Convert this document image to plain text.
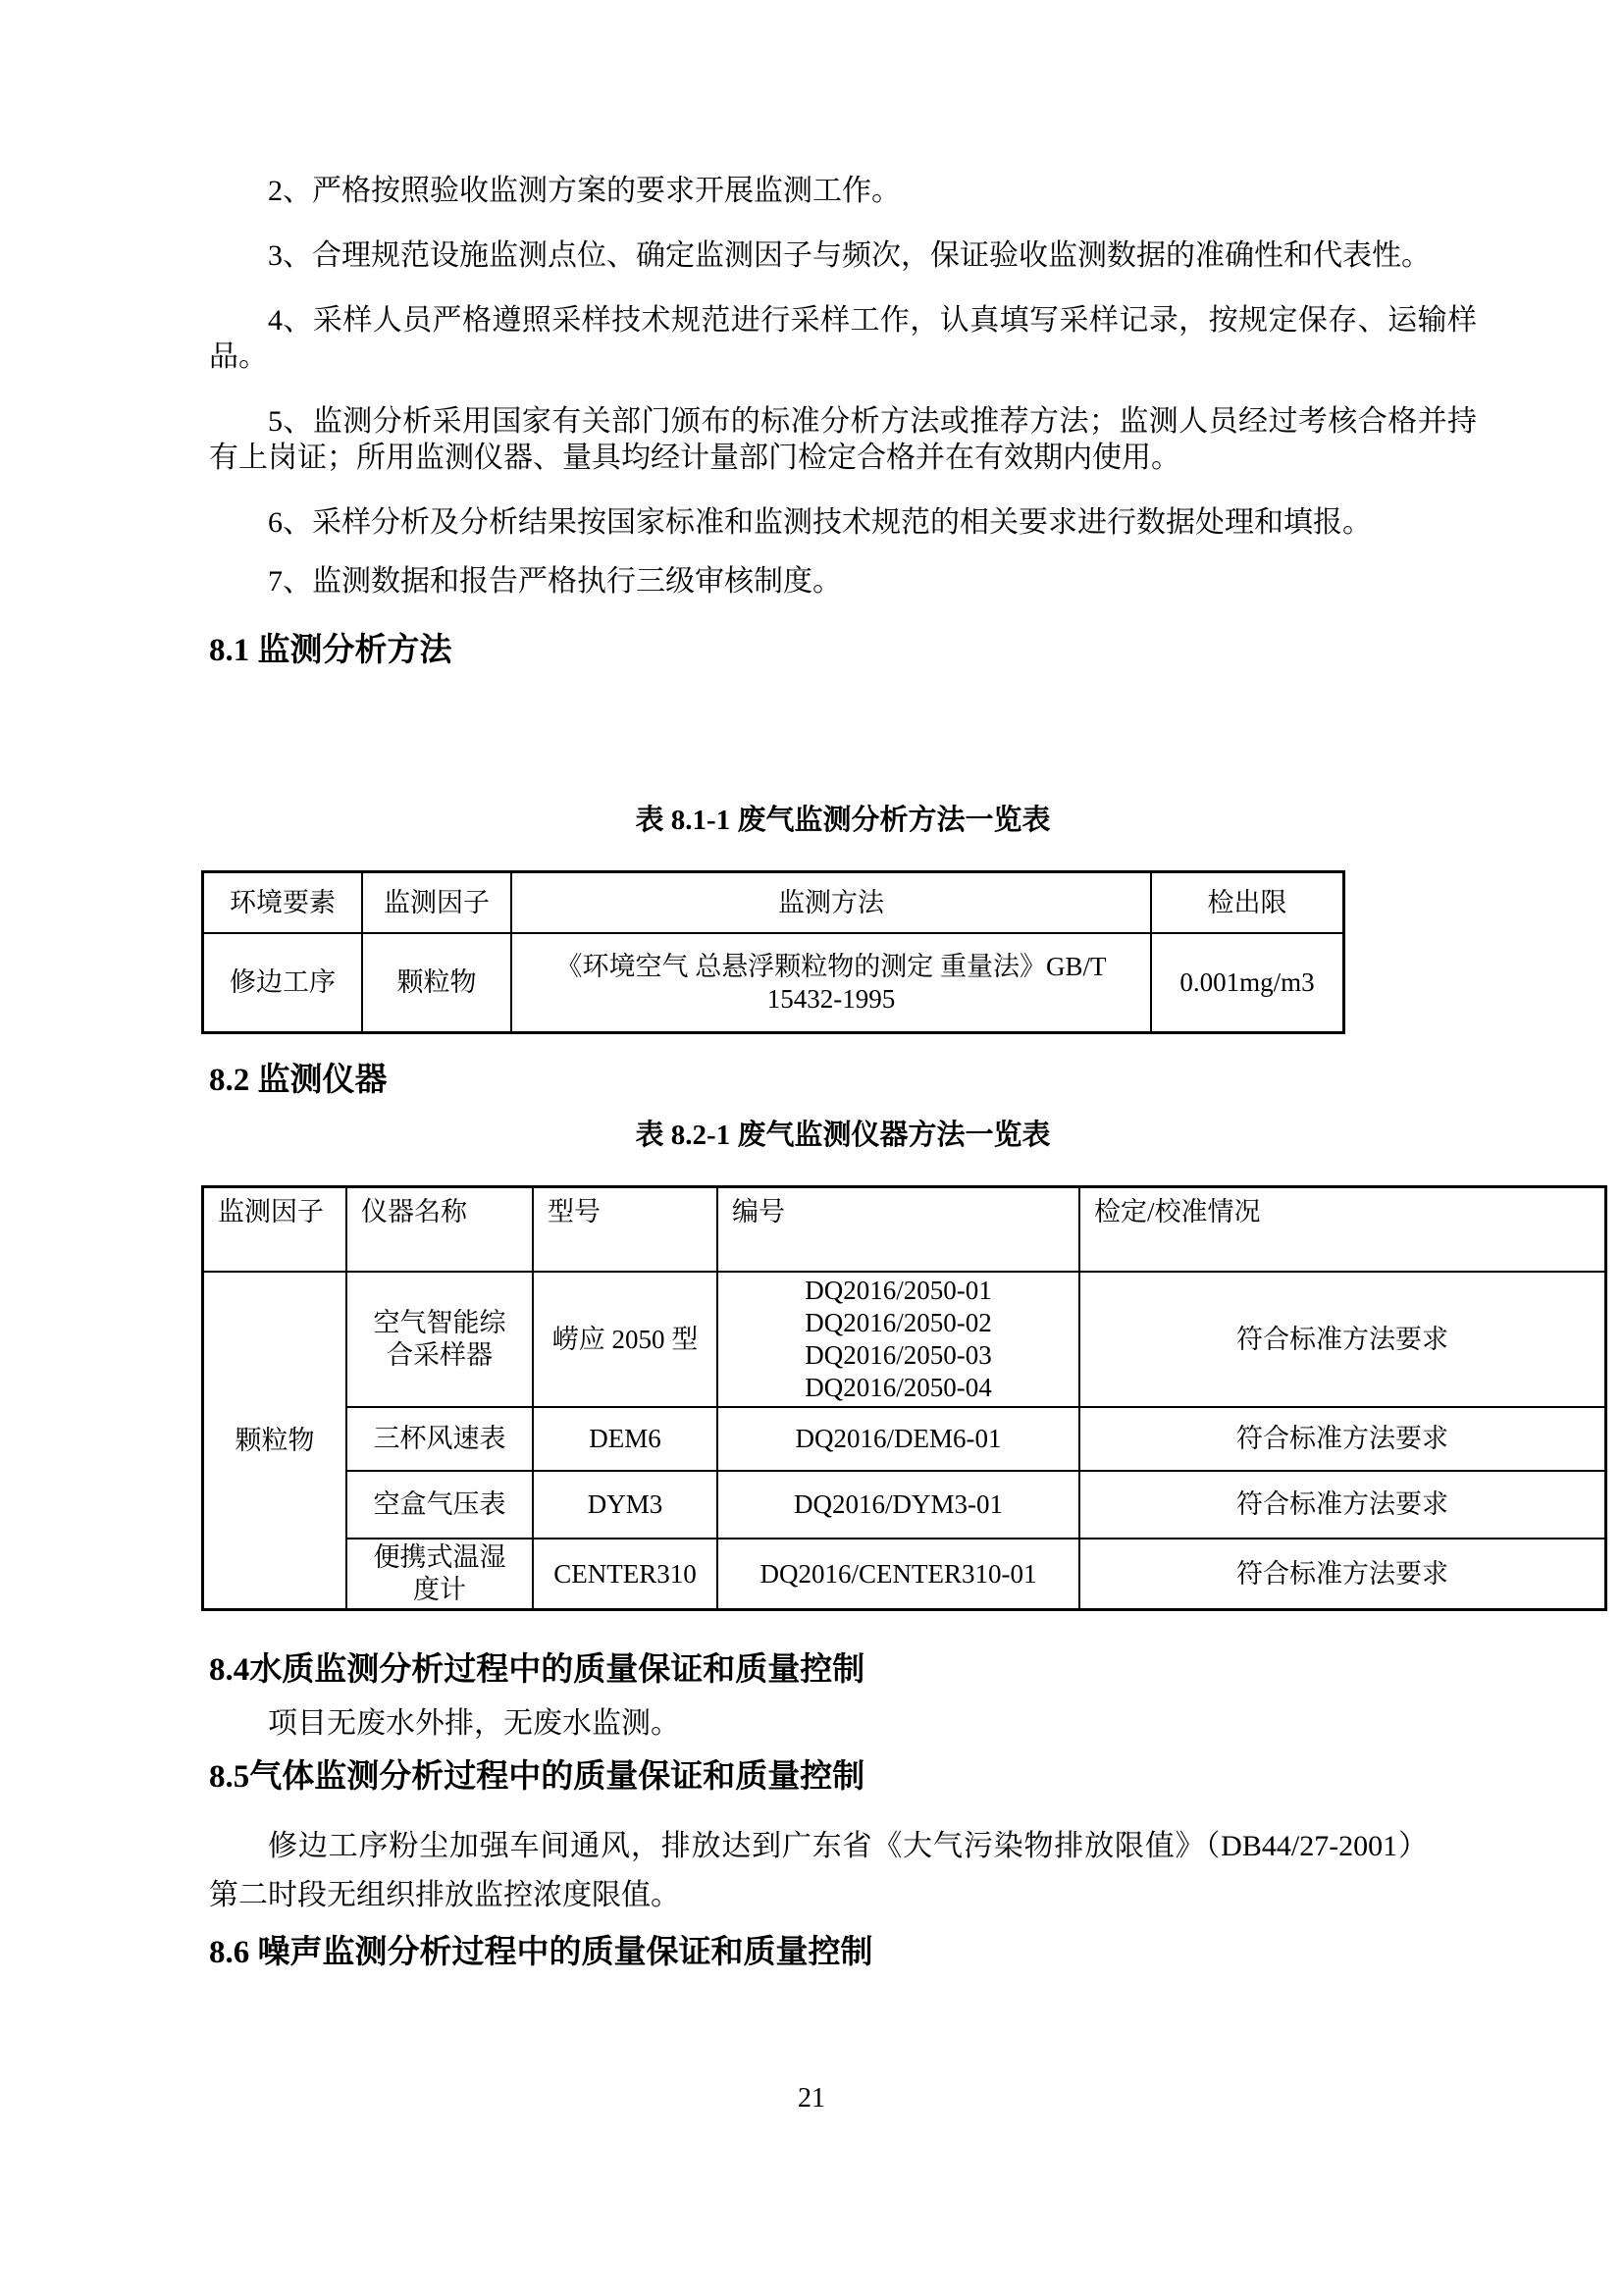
2、严格按照验收监测方案的要求开展监测工作。

3、合理规范设施监测点位、确定监测因子与频次，保证验收监测数据的准确性和代表性。

4、采样人员严格遵照采样技术规范进行采样工作，认真填写采样记录，按规定保存、运输样品。

5、监测分析采用国家有关部门颁布的标准分析方法或推荐方法；监测人员经过考核合格并持有上岗证；所用监测仪器、量具均经计量部门检定合格并在有效期内使用。

6、采样分析及分析结果按国家标准和监测技术规范的相关要求进行数据处理和填报。

7、监测数据和报告严格执行三级审核制度。

8.1 监测分析方法
表 8.1-1 废气监测分析方法一览表
环境要素	监测因子	监测方法	检出限
修边工序	颗粒物	《环境空气 总悬浮颗粒物的测定 重量法》GB/T 15432-1995	0.001mg/m3
8.2 监测仪器
表 8.2-1 废气监测仪器方法一览表
监测因子	仪器名称	型号	编号	检定/校准情况
颗粒物	空气智能综合采样器	崂应 2050 型	DQ2016/2050-01
DQ2016/2050-02
DQ2016/2050-03
DQ2016/2050-04	符合标准方法要求
	三杯风速表	DEM6	DQ2016/DEM6-01	符合标准方法要求
	空盒气压表	DYM3	DQ2016/DYM3-01	符合标准方法要求
	便携式温湿度计	CENTER310	DQ2016/CENTER310-01	符合标准方法要求
8.4水质监测分析过程中的质量保证和质量控制

项目无废水外排，无废水监测。

8.5气体监测分析过程中的质量保证和质量控制

修边工序粉尘加强车间通风，排放达到广东省《大气污染物排放限值》（DB44/27-2001）第二时段无组织排放监控浓度限值。

8.6 噪声监测分析过程中的质量保证和质量控制
21
